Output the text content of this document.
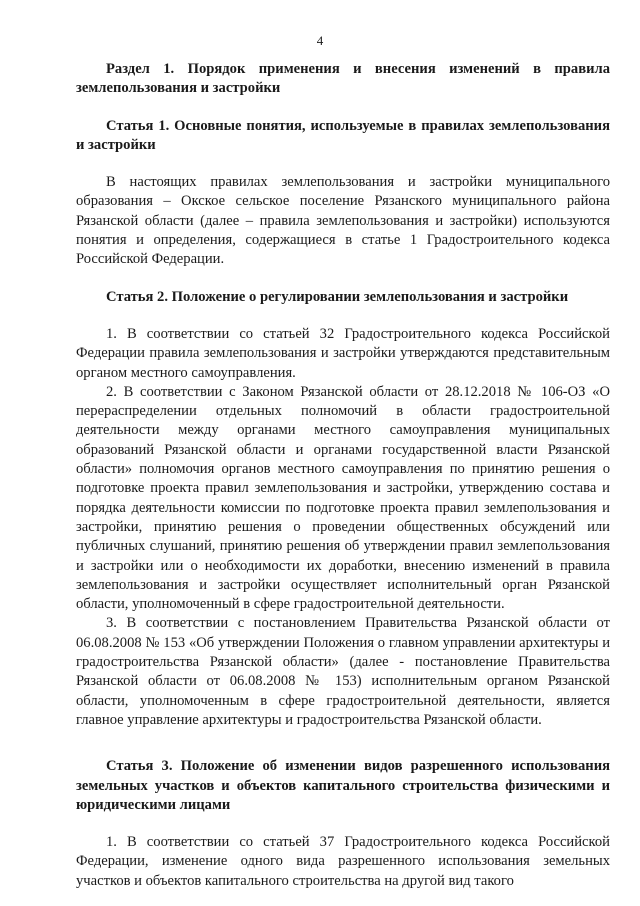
4

Раздел 1. Порядок применения и внесения изменений в правила землепользования и застройки

Статья 1. Основные понятия, используемые в правилах землепользования и застройки

В настоящих правилах землепользования и застройки муниципального образования – Окское сельское поселение Рязанского муниципального района Рязанской области (далее – правила землепользования и застройки) используются понятия и определения, содержащиеся в статье 1 Градостроительного кодекса Российской Федерации.

Статья 2. Положение о регулировании землепользования и застройки

1. В соответствии со статьей 32 Градостроительного кодекса Российской Федерации правила землепользования и застройки утверждаются представительным органом местного самоуправления.

2. В соответствии с Законом Рязанской области от 28.12.2018 № 106-ОЗ «О перераспределении отдельных полномочий в области градостроительной деятельности между органами местного самоуправления муниципальных образований Рязанской области и органами государственной власти Рязанской области» полномочия органов местного самоуправления по принятию решения о подготовке проекта правил землепользования и застройки, утверждению состава и порядка деятельности комиссии по подготовке проекта правил землепользования и застройки, принятию решения о проведении общественных обсуждений или публичных слушаний, принятию решения об утверждении правил землепользования и застройки или о необходимости их доработки, внесению изменений в правила землепользования и застройки осуществляет исполнительный орган Рязанской области, уполномоченный в сфере градостроительной деятельности.

3. В соответствии с постановлением Правительства Рязанской области от 06.08.2008 № 153 «Об утверждении Положения о главном управлении архитектуры и градостроительства Рязанской области» (далее - постановление Правительства Рязанской области от 06.08.2008 № 153) исполнительным органом Рязанской области, уполномоченным в сфере градостроительной деятельности, является главное управление архитектуры и градостроительства Рязанской области.

Статья 3. Положение об изменении видов разрешенного использования земельных участков и объектов капитального строительства физическими и юридическими лицами

1. В соответствии со статьей 37 Градостроительного кодекса Российской Федерации, изменение одного вида разрешенного использования земельных участков и объектов капитального строительства на другой вид такого
